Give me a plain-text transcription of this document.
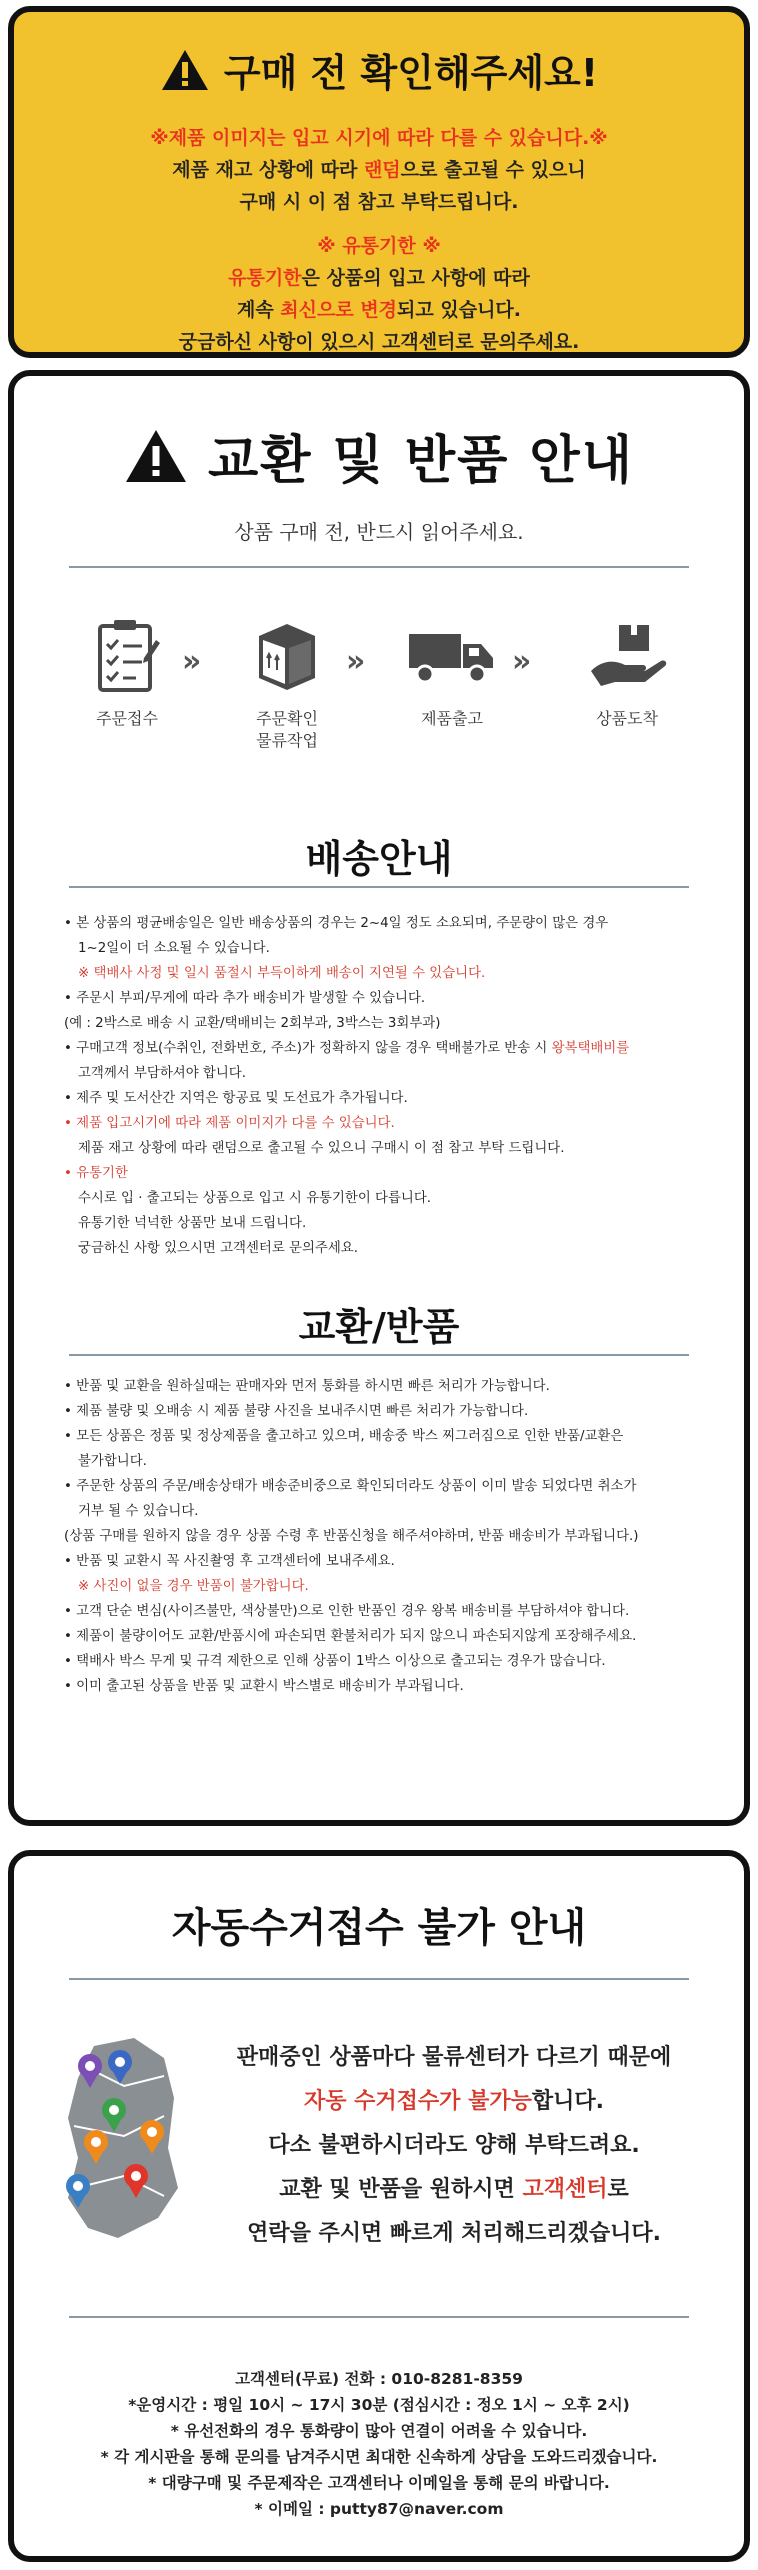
구매 전 확인해주세요!
※제품 이미지는 입고 시기에 따라 다를 수 있습니다.※
제품 재고 상황에 따라 랜덤으로 출고될 수 있으니
구매 시 이 점 참고 부탁드립니다.
※ 유통기한 ※
유통기한은 상품의 입고 사항에 따라
계속 최신으로 변경되고 있습니다.
궁금하신 사항이 있으시 고객센터로 문의주세요.
교환 및 반품 안내
상품 구매 전, 반드시 읽어주세요.
주문접수
»
주문확인
물류작업
»
제품출고
»
상품도착
배송안내
• 본 상품의 평균배송일은 일반 배송상품의 경우는 2~4일 정도 소요되며, 주문량이 많은 경우
1~2일이 더 소요될 수 있습니다.
※ 택배사 사정 및 일시 품절시 부득이하게 배송이 지연될 수 있습니다.
• 주문시 부피/무게에 따라 추가 배송비가 발생할 수 있습니다.
(예 : 2박스로 배송 시 교환/택배비는 2회부과, 3박스는 3회부과)
• 구매고객 정보(수취인, 전화번호, 주소)가 정확하지 않을 경우 택배불가로 반송 시 왕복택배비를
고객께서 부담하셔야 합니다.
• 제주 및 도서산간 지역은 항공료 및 도선료가 추가됩니다.
• 제품 입고시기에 따라 제품 이미지가 다를 수 있습니다.
제품 재고 상황에 따라 랜덤으로 출고될 수 있으니 구매시 이 점 참고 부탁 드립니다.
• 유통기한
수시로 입 · 출고되는 상품으로 입고 시 유통기한이 다릅니다.
유통기한 넉넉한 상품만 보내 드립니다.
궁금하신 사항 있으시면 고객센터로 문의주세요.
교환/반품
• 반품 및 교환을 원하실때는 판매자와 먼저 통화를 하시면 빠른 처리가 가능합니다.
• 제품 불량 및 오배송 시 제품 불량 사진을 보내주시면 빠른 처리가 가능합니다.
• 모든 상품은 정품 및 정상제품을 출고하고 있으며, 배송중 박스 찌그러짐으로 인한 반품/교환은
불가합니다.
• 주문한 상품의 주문/배송상태가 배송준비중으로 확인되더라도 상품이 이미 발송 되었다면 취소가
거부 될 수 있습니다.
(상품 구매를 원하지 않을 경우 상품 수령 후 반품신청을 해주셔야하며, 반품 배송비가 부과됩니다.)
• 반품 및 교환시 꼭 사진촬영 후 고객센터에 보내주세요.
※ 사진이 없을 경우 반품이 불가합니다.
• 고객 단순 변심(사이즈불만, 색상불만)으로 인한 반품인 경우 왕복 배송비를 부담하셔야 합니다.
• 제품이 불량이어도 교환/반품시에 파손되면 환불처리가 되지 않으니 파손되지않게 포장해주세요.
• 택배사 박스 무게 및 규격 제한으로 인해 상품이 1박스 이상으로 출고되는 경우가 많습니다.
• 이미 출고된 상품을 반품 및 교환시 박스별로 배송비가 부과됩니다.
자동수거접수 불가 안내
판매중인 상품마다 물류센터가 다르기 때문에
자동 수거접수가 불가능합니다.
다소 불편하시더라도 양해 부탁드려요.
교환 및 반품을 원하시면 고객센터로
연락을 주시면 빠르게 처리해드리겠습니다.
고객센터(무료) 전화 : 010-8281-8359
*운영시간 : 평일 10시 ~ 17시 30분 (점심시간 : 정오 1시 ~ 오후 2시)
* 유선전화의 경우 통화량이 많아 연결이 어려울 수 있습니다.
* 각 게시판을 통해 문의를 남겨주시면 최대한 신속하게 상담을 도와드리겠습니다.
* 대량구매 및 주문제작은 고객센터나 이메일을 통해 문의 바랍니다.
* 이메일 : putty87@naver.com
